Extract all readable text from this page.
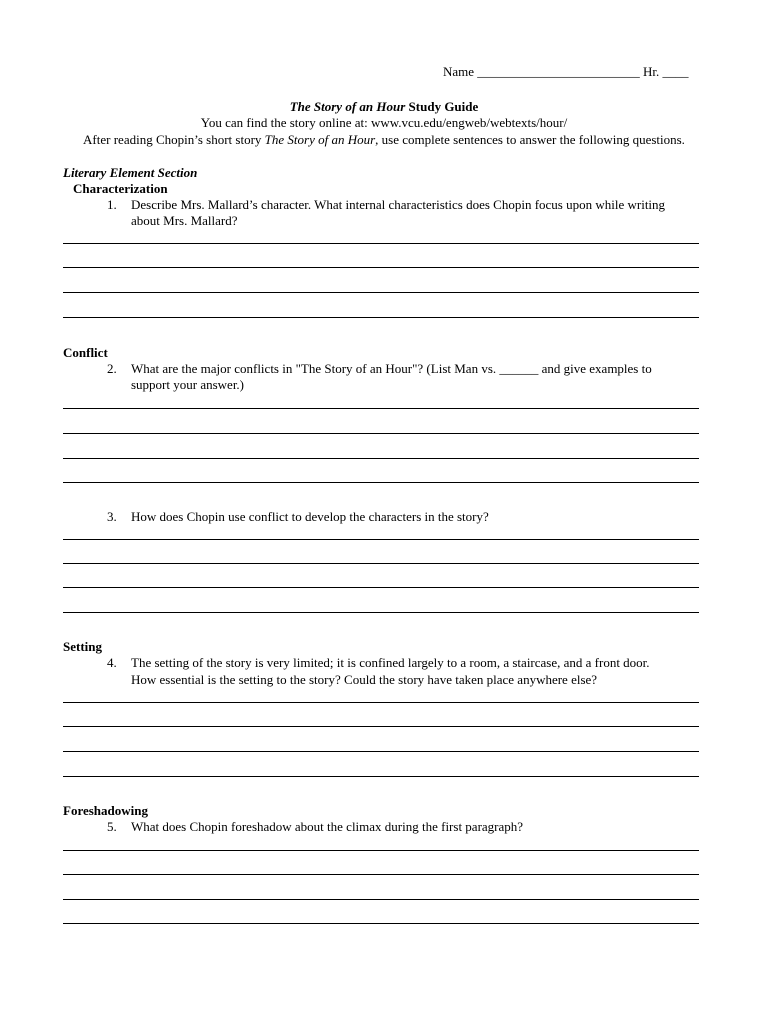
Name _________________________ Hr. ____
The Story of an Hour Study Guide
You can find the story online at: www.vcu.edu/engweb/webtexts/hour/
After reading Chopin’s short story The Story of an Hour, use complete sentences to answer the following questions.
Literary Element Section
Characterization
1. Describe Mrs. Mallard’s character. What internal characteristics does Chopin focus upon while writing
about Mrs. Mallard?
Conflict
2. What are the major conflicts in "The Story of an Hour"? (List Man vs. ______ and give examples to
support your answer.)
3. How does Chopin use conflict to develop the characters in the story?
Setting
4. The setting of the story is very limited; it is confined largely to a room, a staircase, and a front door.
How essential is the setting to the story? Could the story have taken place anywhere else?
Foreshadowing
5. What does Chopin foreshadow about the climax during the first paragraph?
